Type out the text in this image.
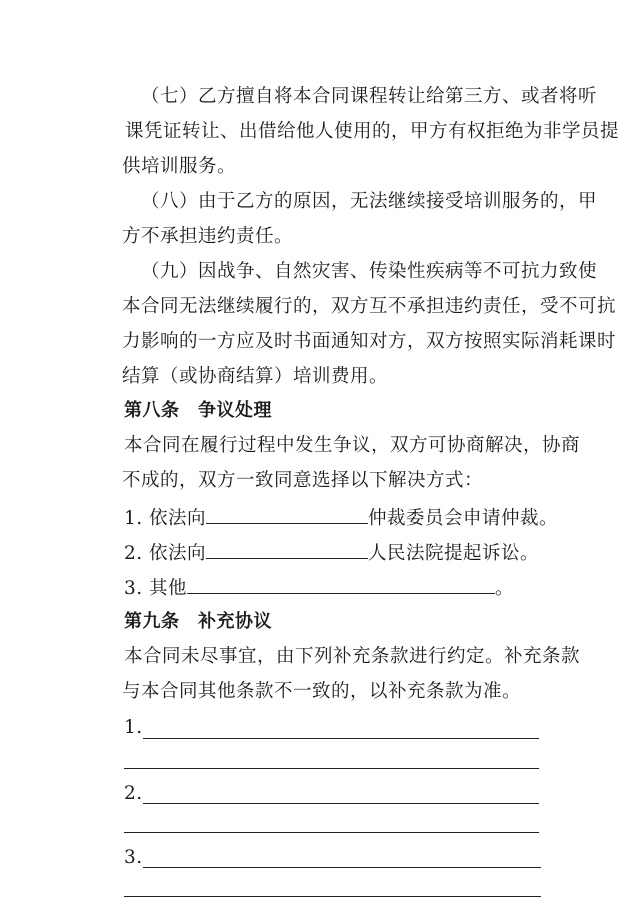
（七）乙方擅自将本合同课程转让给第三方、或者将听
课凭证转让、出借给他人使用的，甲方有权拒绝为非学员提
供培训服务。
（八）由于乙方的原因，无法继续接受培训服务的，甲
方不承担违约责任。
（九）因战争、自然灾害、传染性疾病等不可抗力致使
本合同无法继续履行的，双方互不承担违约责任，受不可抗
力影响的一方应及时书面通知对方，双方按照实际消耗课时
结算（或协商结算）培训费用。
第八条　争议处理
本合同在履行过程中发生争议，双方可协商解决，协商
不成的，双方一致同意选择以下解决方式：
1. 依法向	仲裁委员会申请仲裁。
2. 依法向	人民法院提起诉讼。
3. 其他	。
第九条　补充协议
本合同未尽事宜，由下列补充条款进行约定。补充条款
与本合同其他条款不一致的，以补充条款为准。
1.
2.
3.
